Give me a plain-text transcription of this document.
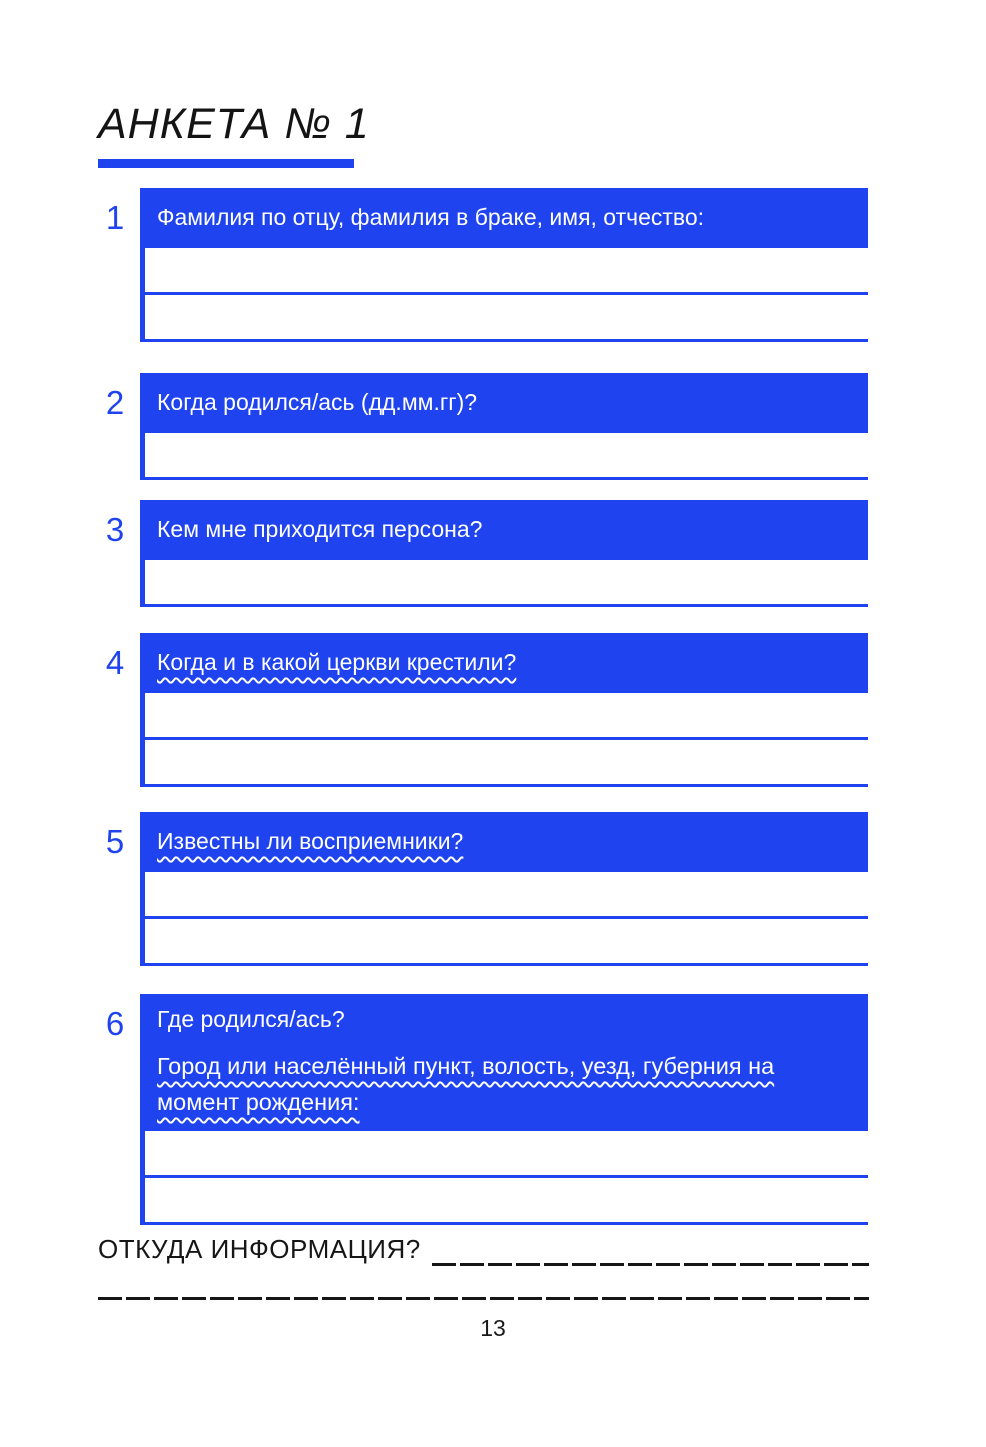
АНКЕТА № 1
1	Фамилия по отцу, фамилия в браке, имя, отчество:

2	Когда родился/ась (дд.мм.гг)?

3	Кем мне приходится персона?

4	Когда и в какой церкви крестили?

5	Известны ли восприемники?

6	Где родился/ась?

Город или населённый пункт, волость, уезд, губерния на момент рождения:

ОТКУДА ИНФОРМАЦИЯ?

13
